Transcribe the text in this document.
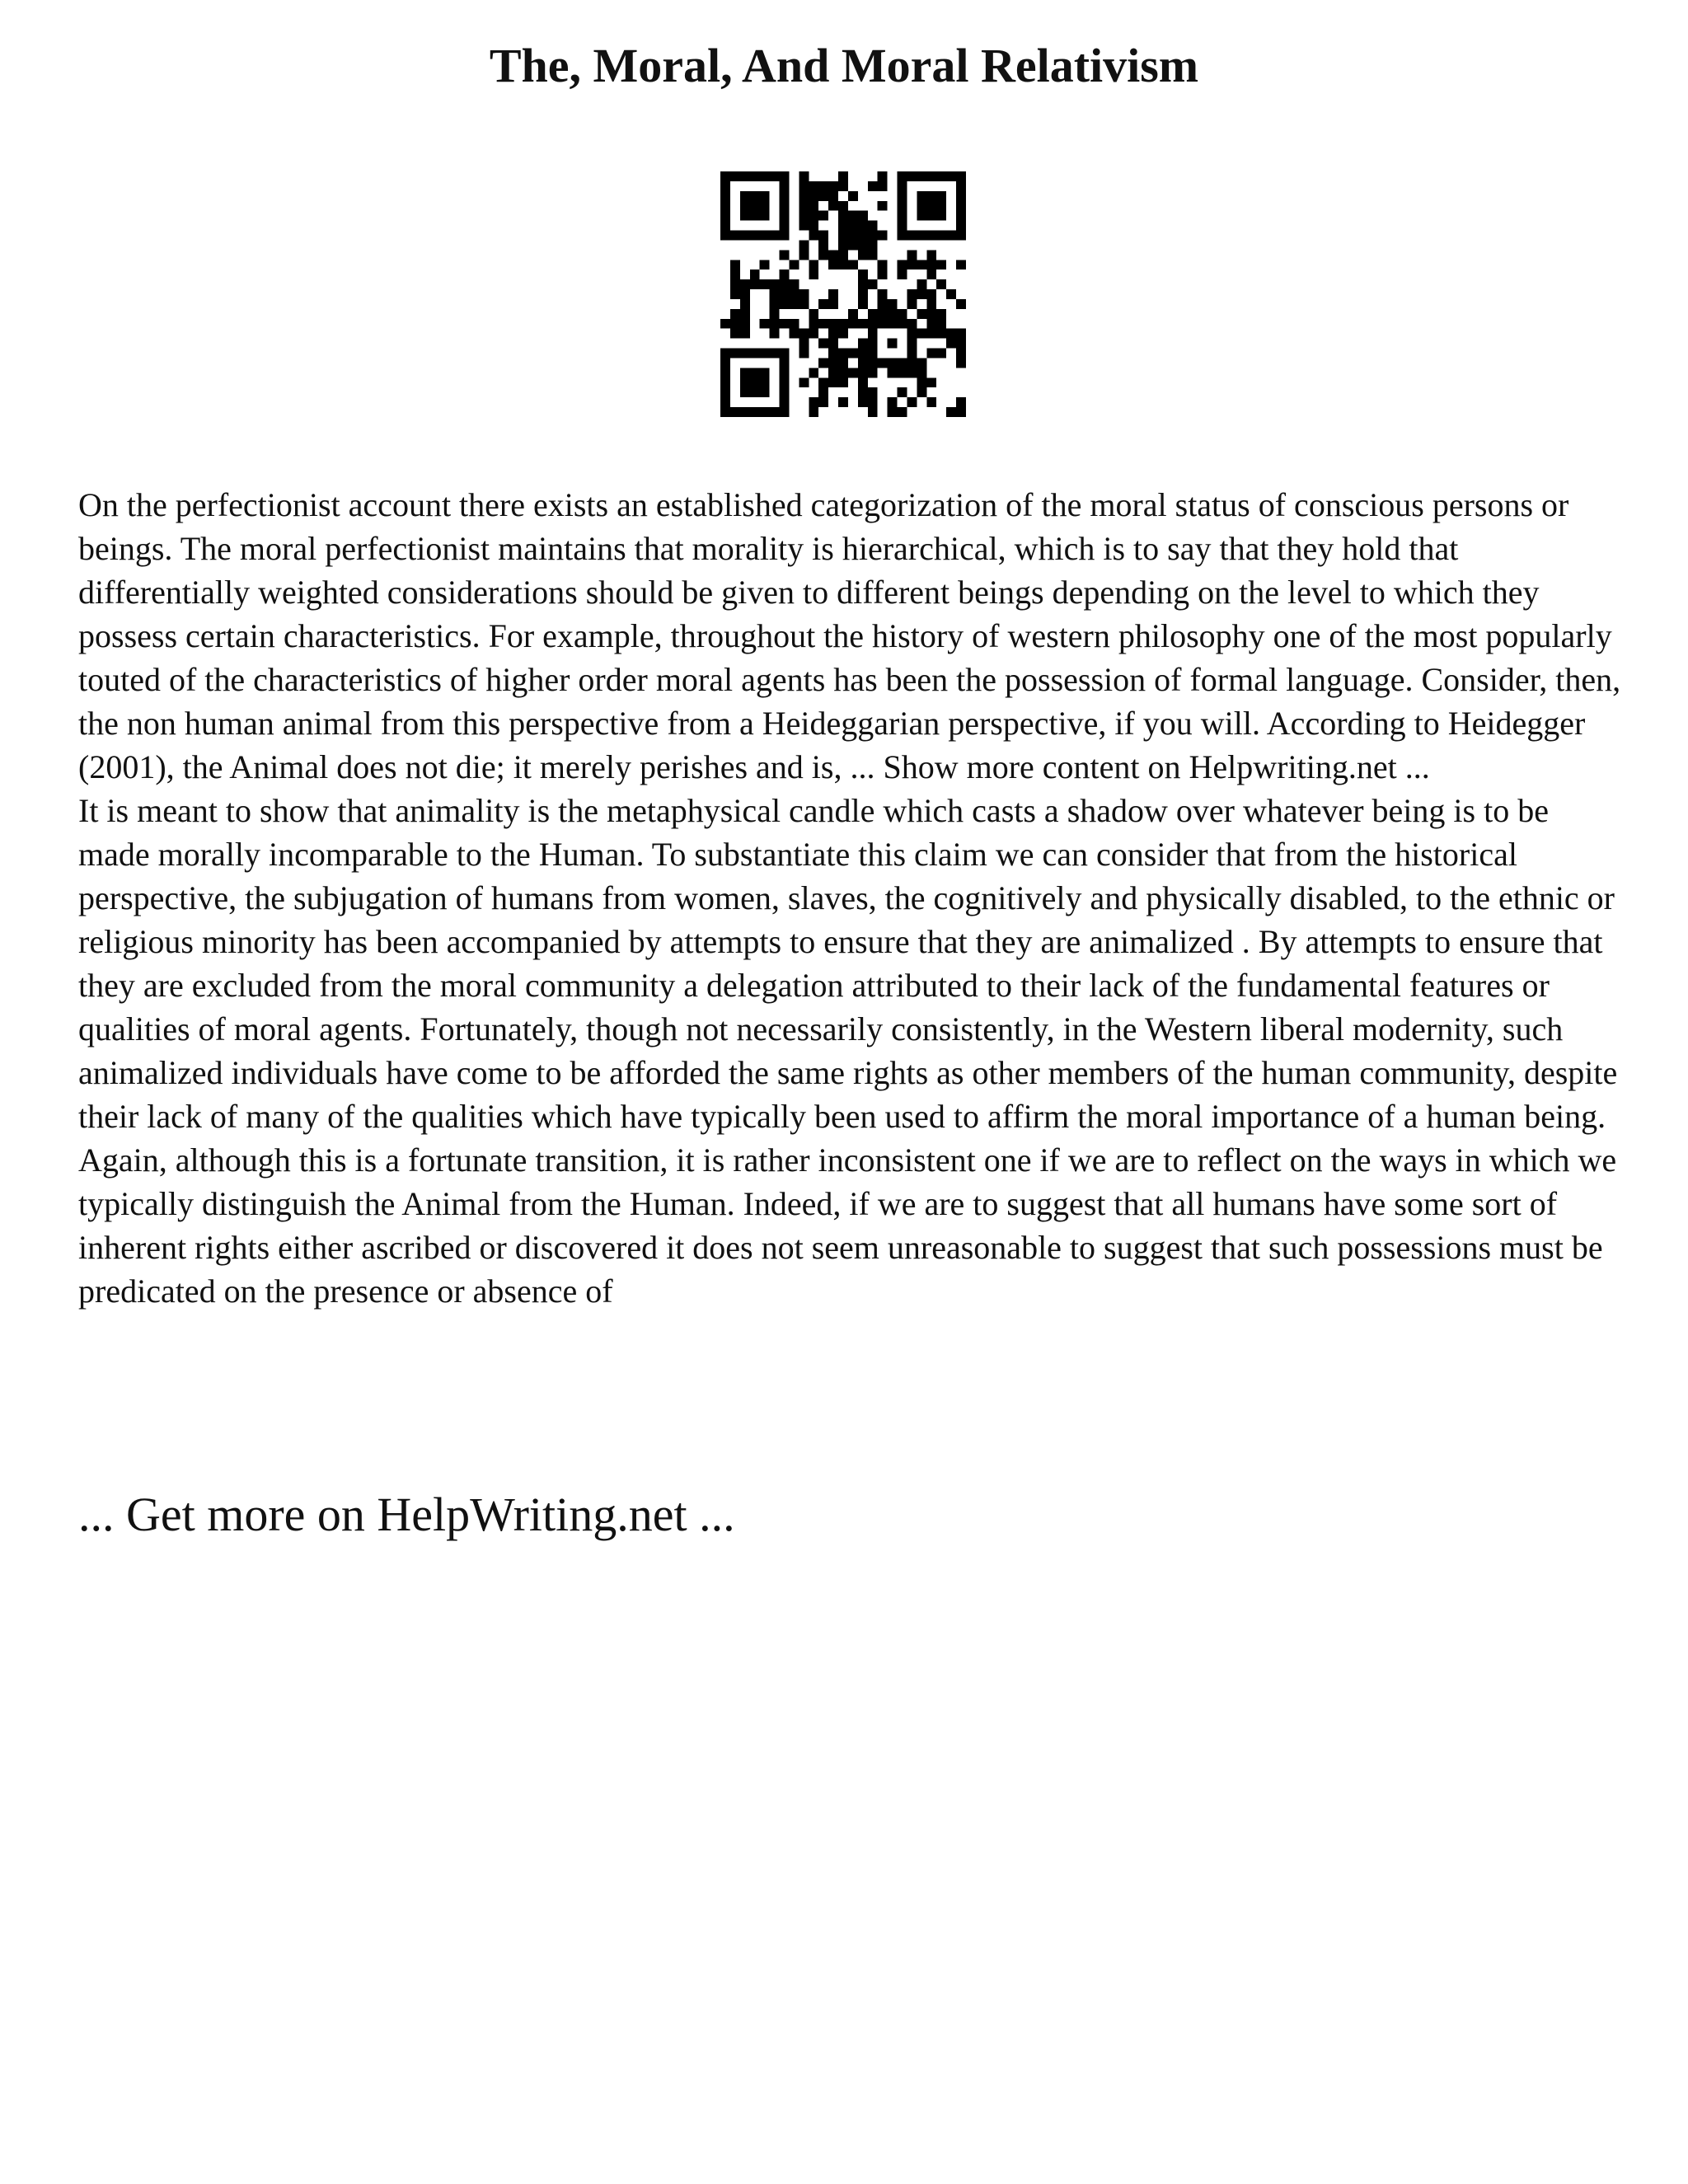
The, Moral, And Moral Relativism

On the perfectionist account there exists an established categorization of the moral status of conscious persons or beings. The moral perfectionist maintains that morality is hierarchical, which is to say that they hold that differentially weighted considerations should be given to different beings depending on the level to which they possess certain characteristics. For example, throughout the history of western philosophy one of the most popularly touted of the characteristics of higher order moral agents has been the possession of formal language. Consider, then, the non human animal from this perspective from a Heideggarian perspective, if you will. According to Heidegger (2001), the Animal does not die; it merely perishes and is, ... Show more content on Helpwriting.net ...

It is meant to show that animality is the metaphysical candle which casts a shadow over whatever being is to be made morally incomparable to the Human. To substantiate this claim we can consider that from the historical perspective, the subjugation of humans from women, slaves, the cognitively and physically disabled, to the ethnic or religious minority has been accompanied by attempts to ensure that they are animalized . By attempts to ensure that they are excluded from the moral community a delegation attributed to their lack of the fundamental features or qualities of moral agents. Fortunately, though not necessarily consistently, in the Western liberal modernity, such animalized individuals have come to be afforded the same rights as other members of the human community, despite their lack of many of the qualities which have typically been used to affirm the moral importance of a human being. Again, although this is a fortunate transition, it is rather inconsistent one if we are to reflect on the ways in which we typically distinguish the Animal from the Human. Indeed, if we are to suggest that all humans have some sort of inherent rights either ascribed or discovered it does not seem unreasonable to suggest that such possessions must be predicated on the presence or absence of

... Get more on HelpWriting.net ...
